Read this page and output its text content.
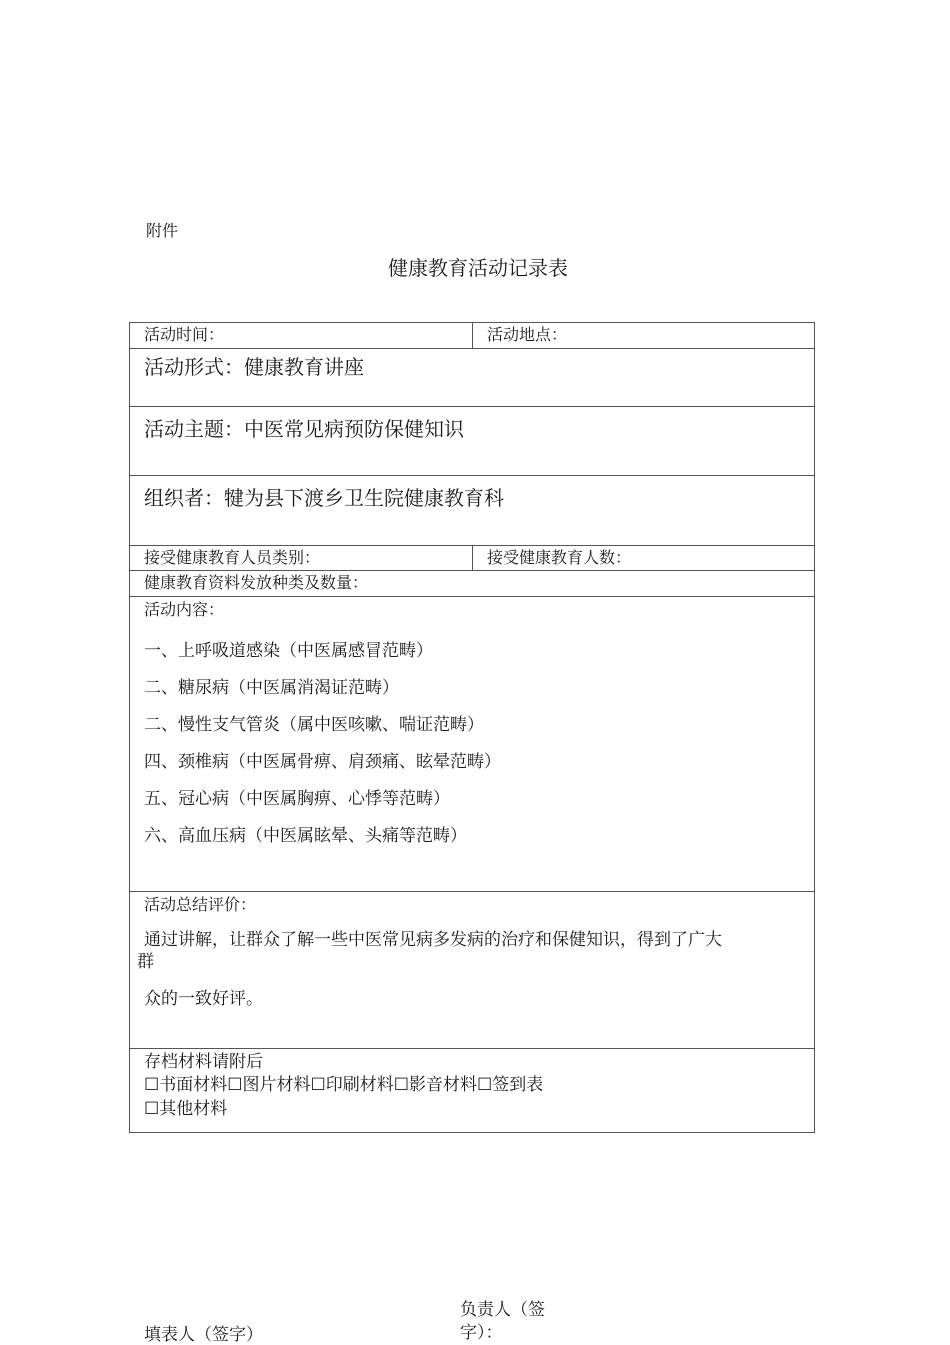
附件
健康教育活动记录表
活动时间：	活动地点：
活动形式：健康教育讲座
活动主题：中医常见病预防保健知识
组织者：犍为县下渡乡卫生院健康教育科
接受健康教育人员类别：	接受健康教育人数：
健康教育资料发放种类及数量：
活动内容：
一、上呼吸道感染（中医属感冒范畴）
二、糖尿病（中医属消渴证范畴）
二、慢性支气管炎（属中医咳嗽、喘证范畴）
四、颈椎病（中医属骨痹、肩颈痛、眩晕范畴）
五、冠心病（中医属胸痹、心悸等范畴）
六、高血压病（中医属眩晕、头痛等范畴）
活动总结评价：
通过讲解，让群众了解一些中医常见病多发病的治疗和保健知识，得到了广大
群
众的一致好评。
存档材料请附后
☐书面材料☐图片材料☐印刷材料☐影音材料☐签到表
☐其他材料
填表人（签字）
负责人（签字）：
